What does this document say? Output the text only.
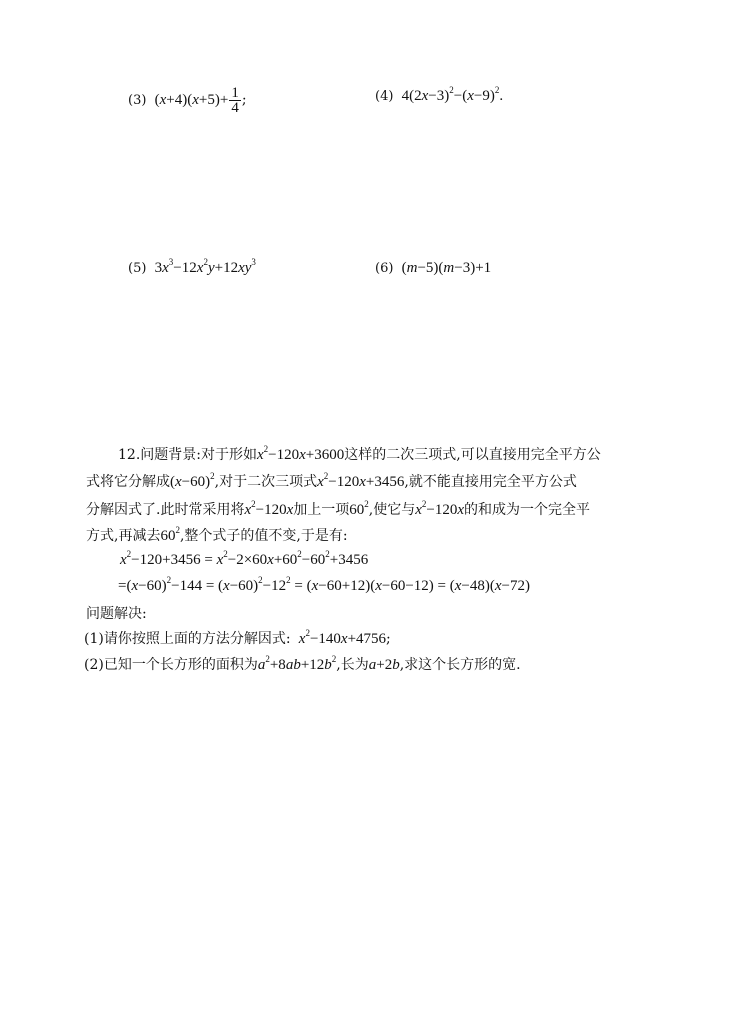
(3)  $(x+4)(x+5)+ \frac{1}{4}$ ;	(4)  $4(2x-3)^2-(x-9)^2$.
(5)  $3x^3-12x^2y+12xy^3$	(6)  (m−5)(m−3)+1
12.问题背景:对于形如$x^2-120x+3600$这样的二次三项式,可以直接用完全平方公
式将它分解成$(x-60)^2$,对于二次三项式$x^2-120x+3456$,就不能直接用完全平方公式
分解因式了.此时常采用将$x^2-120x$加上一项$60^2$,使它与$x^2-120x$的和成为一个完全平
方式,再减去$60^2$,整个式子的值不变,于是有:
$x^2-120+3456 = x^2-2\times 60x+60^2-60^2+3456$
$=(x-60)^2-144 = (x-60)^2-12^2 = (x-60+12)(x-60-12) = (x-48)(x-72)$
问题解决:
(1)请你按照上面的方法分解因式: $x^2-140x+4756$;
(2)已知一个长方形的面积为$a^2+8ab+12b^2$,长为a+2b,求这个长方形的宽.
